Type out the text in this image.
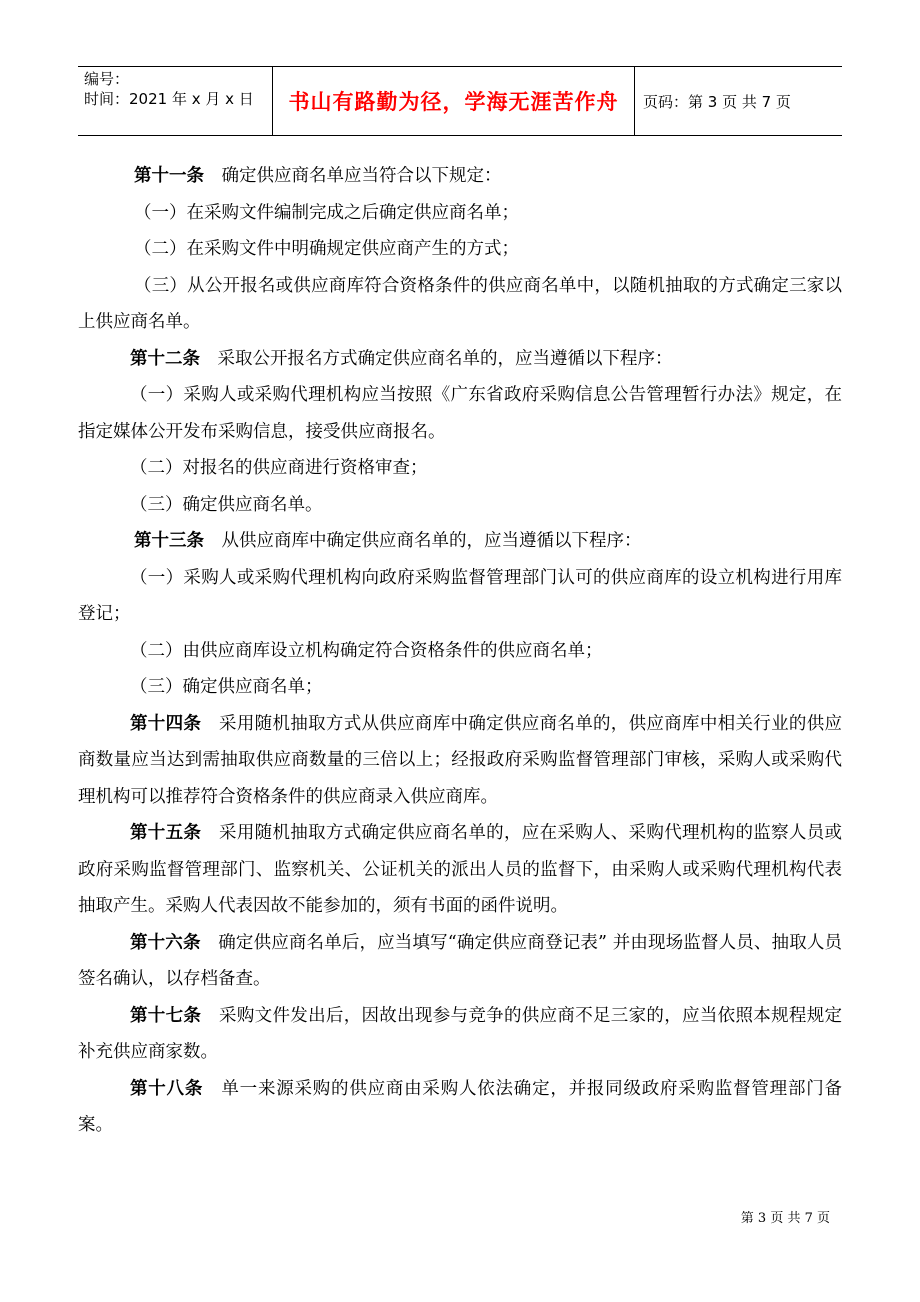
编号：
时间：2021 年 x 月 x 日	书山有路勤为径，学海无涯苦作舟	页码：第 3 页 共 7 页

第十一条　确定供应商名单应当符合以下规定：

（一）在采购文件编制完成之后确定供应商名单；

（二）在采购文件中明确规定供应商产生的方式；

（三）从公开报名或供应商库符合资格条件的供应商名单中，以随机抽取的方式确定三家以上供应商名单。

第十二条　采取公开报名方式确定供应商名单的，应当遵循以下程序：

（一）采购人或采购代理机构应当按照《广东省政府采购信息公告管理暂行办法》规定，在指定媒体公开发布采购信息，接受供应商报名。

（二）对报名的供应商进行资格审查；

（三）确定供应商名单。

第十三条　从供应商库中确定供应商名单的，应当遵循以下程序：

（一）采购人或采购代理机构向政府采购监督管理部门认可的供应商库的设立机构进行用库登记；

（二）由供应商库设立机构确定符合资格条件的供应商名单；

（三）确定供应商名单；

第十四条　采用随机抽取方式从供应商库中确定供应商名单的，供应商库中相关行业的供应商数量应当达到需抽取供应商数量的三倍以上；经报政府采购监督管理部门审核，采购人或采购代理机构可以推荐符合资格条件的供应商录入供应商库。

第十五条　采用随机抽取方式确定供应商名单的，应在采购人、采购代理机构的监察人员或政府采购监督管理部门、监察机关、公证机关的派出人员的监督下，由采购人或采购代理机构代表抽取产生。采购人代表因故不能参加的，须有书面的函件说明。

第十六条　确定供应商名单后，应当填写“确定供应商登记表” 并由现场监督人员、抽取人员签名确认，以存档备查。

第十七条　采购文件发出后，因故出现参与竞争的供应商不足三家的，应当依照本规程规定补充供应商家数。

第十八条　单一来源采购的供应商由采购人依法确定，并报同级政府采购监督管理部门备案。

第 3 页 共 7 页
